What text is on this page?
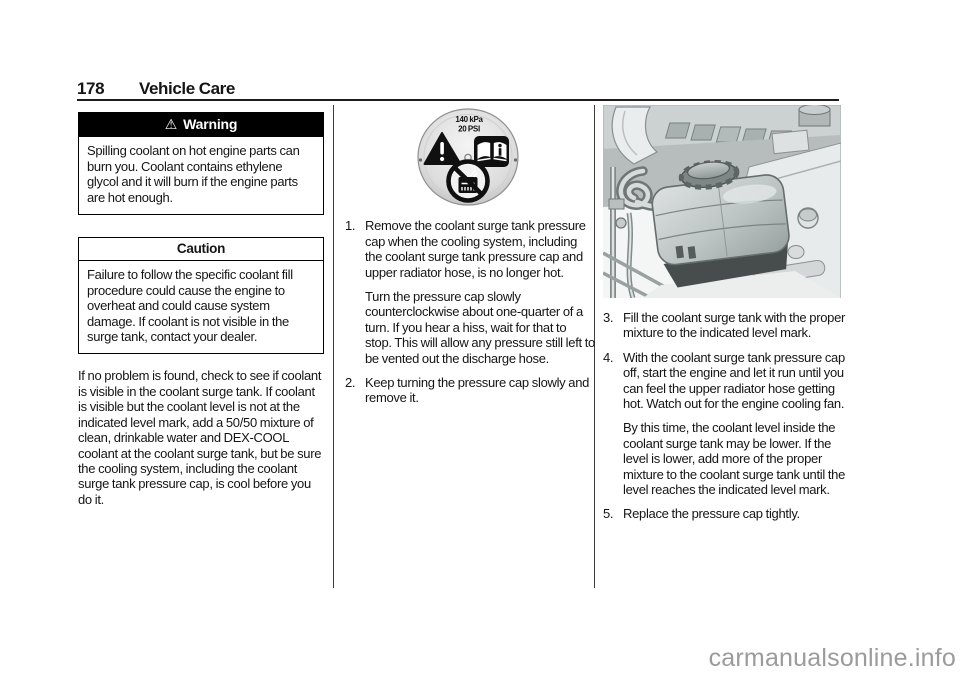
178 Vehicle Care
⚠ Warning
Spilling coolant on hot engine parts can burn you. Coolant contains ethylene glycol and it will burn if the engine parts are hot enough.
Caution
Failure to follow the specific coolant fill procedure could cause the engine to overheat and could cause system damage. If coolant is not visible in the surge tank, contact your dealer.
If no problem is found, check to see if coolant is visible in the coolant surge tank. If coolant is visible but the coolant level is not at the indicated level mark, add a 50/50 mixture of clean, drinkable water and DEX-COOL coolant at the coolant surge tank, but be sure the cooling system, including the coolant surge tank pressure cap, is cool before you do it.
140 kPa
20 PSI
1. Remove the coolant surge tank pressure cap when the cooling system, including the coolant surge tank pressure cap and upper radiator hose, is no longer hot.

Turn the pressure cap slowly counterclockwise about one-quarter of a turn. If you hear a hiss, wait for that to stop. This will allow any pressure still left to be vented out the discharge hose.

2. Keep turning the pressure cap slowly and remove it.

3. Fill the coolant surge tank with the proper mixture to the indicated level mark.

4. With the coolant surge tank pressure cap off, start the engine and let it run until you can feel the upper radiator hose getting hot. Watch out for the engine cooling fan.

By this time, the coolant level inside the coolant surge tank may be lower. If the level is lower, add more of the proper mixture to the coolant surge tank until the level reaches the indicated level mark.

5. Replace the pressure cap tightly.

carmanualsonline.info
